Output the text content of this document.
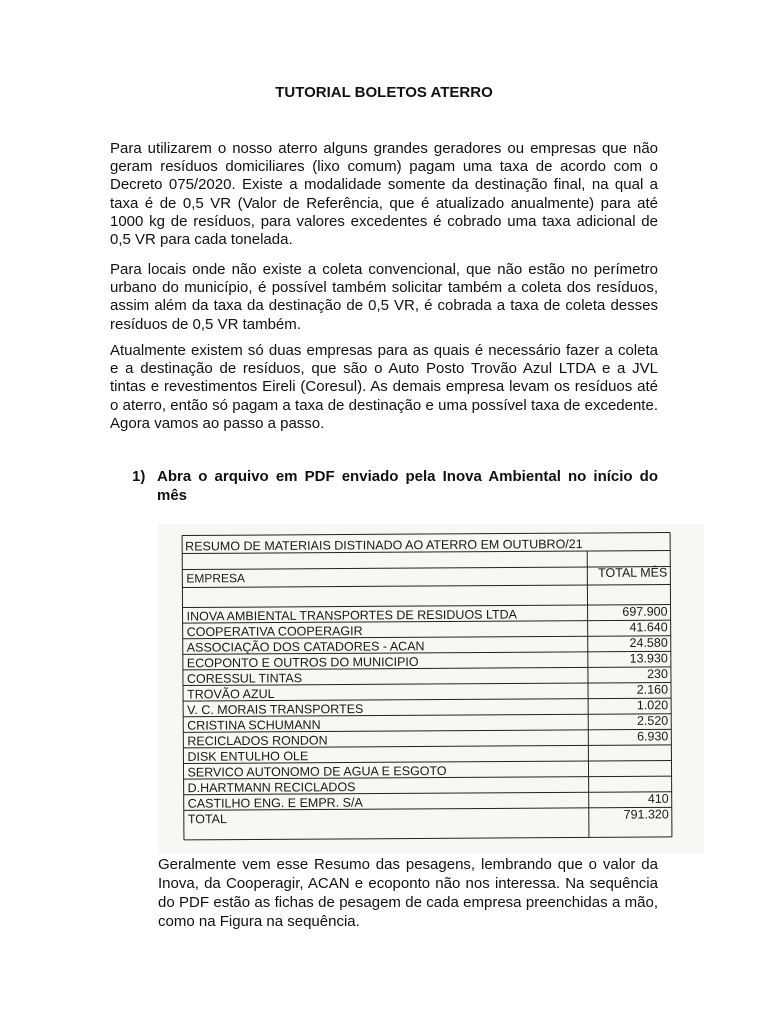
TUTORIAL BOLETOS ATERRO

Para utilizarem o nosso aterro alguns grandes geradores ou empresas que não geram resíduos domiciliares (lixo comum) pagam uma taxa de acordo com o Decreto 075/2020. Existe a modalidade somente da destinação final, na qual a taxa é de 0,5 VR (Valor de Referência, que é atualizado anualmente) para até 1000 kg de resíduos, para valores excedentes é cobrado uma taxa adicional de 0,5 VR para cada tonelada.

Para locais onde não existe a coleta convencional, que não estão no perímetro urbano do município, é possível também solicitar também a coleta dos resíduos, assim além da taxa da destinação de 0,5 VR, é cobrada a taxa de coleta desses resíduos de 0,5 VR também.

Atualmente existem só duas empresas para as quais é necessário fazer a coleta e a destinação de resíduos, que são o Auto Posto Trovão Azul LTDA e a JVL tintas e revestimentos Eireli (Coresul). As demais empresa levam os resíduos até o aterro, então só pagam a taxa de destinação e uma possível taxa de excedente. Agora vamos ao passo a passo.

1) Abra o arquivo em PDF enviado pela Inova Ambiental no início do mês
RESUMO DE MATERIAIS DISTINADO AO ATERRO EM OUTUBRO/21
EMPRESA	TOTAL MÊS
INOVA AMBIENTAL TRANSPORTES DE RESIDUOS LTDA	697.900
COOPERATIVA COOPERAGIR	41.640
ASSOCIAÇÃO DOS CATADORES - ACAN	24.580
ECOPONTO E OUTROS DO MUNICIPIO	13.930
CORESSUL TINTAS	230
TROVÃO AZUL	2.160
V. C. MORAIS TRANSPORTES	1.020
CRISTINA SCHUMANN	2.520
RECICLADOS RONDON	6.930
DISK ENTULHO OLE
SERVICO AUTONOMO DE AGUA E ESGOTO
D.HARTMANN RECICLADOS
CASTILHO ENG. E EMPR. S/A	410
TOTAL	791.320

Geralmente vem esse Resumo das pesagens, lembrando que o valor da Inova, da Cooperagir, ACAN e ecoponto não nos interessa. Na sequência do PDF estão as fichas de pesagem de cada empresa preenchidas a mão, como na Figura na sequência.
